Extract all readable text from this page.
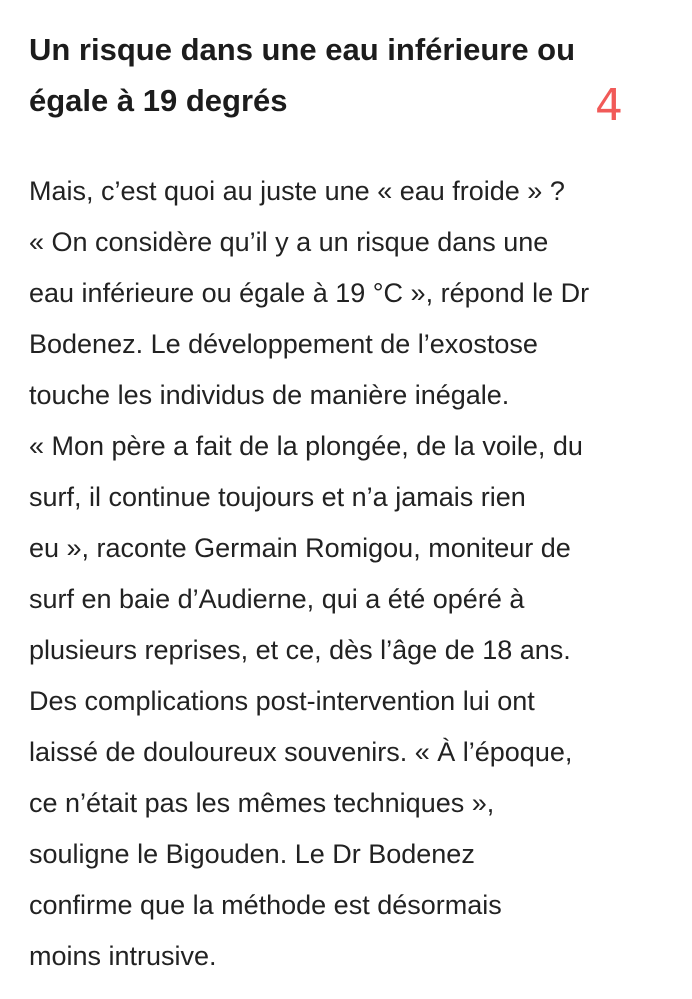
Un risque dans une eau inférieure ou
égale à 19 degrés	4
Mais, c’est quoi au juste une « eau froide » ?
« On considère qu’il y a un risque dans une
eau inférieure ou égale à 19 °C », répond le Dr
Bodenez. Le développement de l’exostose
touche les individus de manière inégale.
« Mon père a fait de la plongée, de la voile, du
surf, il continue toujours et n’a jamais rien
eu », raconte Germain Romigou, moniteur de
surf en baie d’Audierne, qui a été opéré à
plusieurs reprises, et ce, dès l’âge de 18 ans.
Des complications post-intervention lui ont
laissé de douloureux souvenirs. « À l’époque,
ce n’était pas les mêmes techniques »,
souligne le Bigouden. Le Dr Bodenez
confirme que la méthode est désormais
moins intrusive.
